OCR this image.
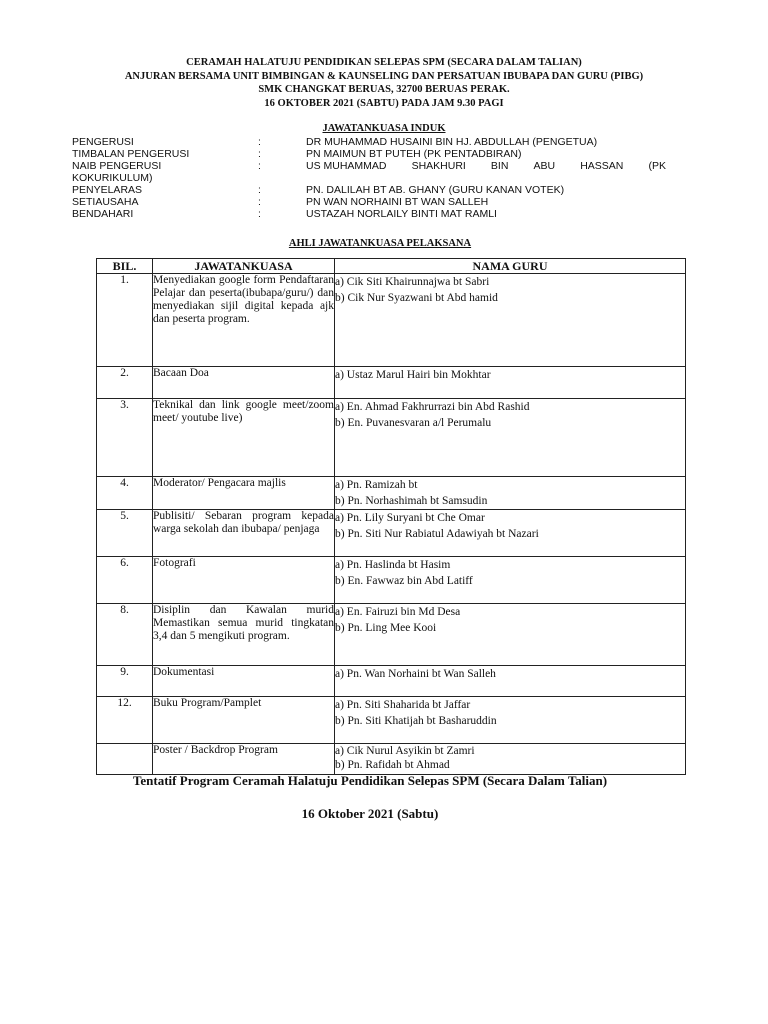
CERAMAH HALATUJU PENDIDIKAN SELEPAS SPM (SECARA DALAM TALIAN)
ANJURAN BERSAMA UNIT BIMBINGAN & KAUNSELING DAN PERSATUAN IBUBAPA DAN GURU (PIBG)
SMK CHANGKAT BERUAS, 32700 BERUAS PERAK.
16 OKTOBER 2021 (SABTU) PADA JAM 9.30 PAGI
JAWATANKUASA INDUK
PENGERUSI	:	DR MUHAMMAD HUSAINI BIN HJ. ABDULLAH (PENGETUA)
TIMBALAN PENGERUSI	:	PN MAIMUN BT PUTEH (PK PENTADBIRAN)
NAIB PENGERUSI	:	US MUHAMMAD SHAKHURI BIN ABU HASSAN (PK
KOKURIKULUM)
PENYELARAS	:	PN. DALILAH BT AB. GHANY (GURU KANAN VOTEK)
SETIAUSAHA	:	PN WAN NORHAINI BT WAN SALLEH
BENDAHARI	:	USTAZAH NORLAILY BINTI MAT RAMLI
AHLI JAWATANKUASA PELAKSANA
BIL.	JAWATANKUASA	NAMA GURU
1.	Menyediakan google form Pendaftaran Pelajar dan peserta(ibubapa/guru/) dan menyediakan sijil digital kepada ajk dan peserta program.	a) Cik Siti Khairunnajwa bt Sabri
b) Cik Nur Syazwani bt Abd hamid

2.	Bacaan Doa	a) Ustaz Marul Hairi bin Mokhtar

3.	Teknikal dan link google meet/zoom meet/ youtube live)	a) En. Ahmad Fakhrurrazi bin Abd Rashid
b) En. Puvanesvaran a/l Perumalu

4.	Moderator/ Pengacara majlis	a) Pn. Ramizah bt
b) Pn. Norhashimah bt Samsudin

5.	Publisiti/ Sebaran program kepada warga sekolah dan ibubapa/ penjaga	a) Pn. Lily Suryani bt Che Omar
b) Pn. Siti Nur Rabiatul Adawiyah bt Nazari

6.	Fotografi	a) Pn. Haslinda bt Hasim
b) En. Fawwaz bin Abd Latiff

8.	Disiplin dan Kawalan murid Memastikan semua murid tingkatan 3,4 dan 5 mengikuti program.	a) En. Fairuzi bin Md Desa
b) Pn. Ling Mee Kooi

9.	Dokumentasi	a) Pn. Wan Norhaini bt Wan Salleh

12.	Buku Program/Pamplet	a) Pn. Siti Shaharida bt Jaffar
b) Pn. Siti Khatijah bt Basharuddin

	Poster / Backdrop Program	a) Cik Nurul Asyikin bt Zamri
b) Pn. Rafidah bt Ahmad
Tentatif Program Ceramah Halatuju Pendidikan Selepas SPM (Secara Dalam Talian)
16 Oktober 2021 (Sabtu)
